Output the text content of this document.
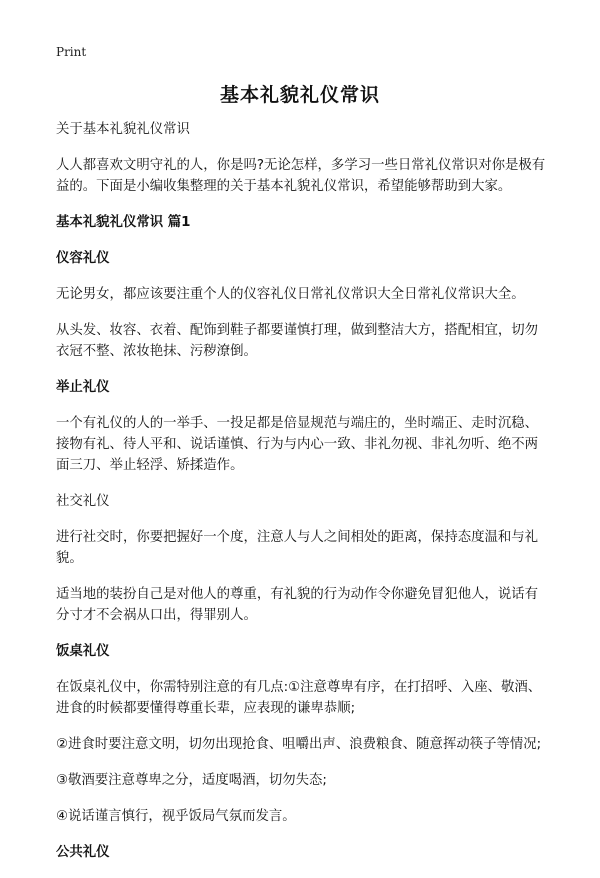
Print
基本礼貌礼仪常识
关于基本礼貌礼仪常识
人人都喜欢文明守礼的人，你是吗?无论怎样，多学习一些日常礼仪常识对你是极有益的。下面是小编收集整理的关于基本礼貌礼仪常识，希望能够帮助到大家。
基本礼貌礼仪常识 篇1
仪容礼仪
无论男女，都应该要注重个人的仪容礼仪日常礼仪常识大全日常礼仪常识大全。
从头发、妆容、衣着、配饰到鞋子都要谨慎打理，做到整洁大方，搭配相宜，切勿衣冠不整、浓妆艳抹、污秽潦倒。
举止礼仪
一个有礼仪的人的一举手、一投足都是倍显规范与端庄的，坐时端正、走时沉稳、接物有礼、待人平和、说话谨慎、行为与内心一致、非礼勿视、非礼勿听、绝不两面三刀、举止轻浮、矫揉造作。
社交礼仪
进行社交时，你要把握好一个度，注意人与人之间相处的距离，保持态度温和与礼貌。
适当地的装扮自己是对他人的尊重，有礼貌的行为动作令你避免冒犯他人，说话有分寸才不会祸从口出，得罪别人。
饭桌礼仪
在饭桌礼仪中，你需特别注意的有几点:①注意尊卑有序，在打招呼、入座、敬酒、进食的时候都要懂得尊重长辈，应表现的谦卑恭顺;
②进食时要注意文明，切勿出现抢食、咀嚼出声、浪费粮食、随意挥动筷子等情况;
③敬酒要注意尊卑之分，适度喝酒，切勿失态;
④说话谨言慎行，视乎饭局气氛而发言。
公共礼仪
